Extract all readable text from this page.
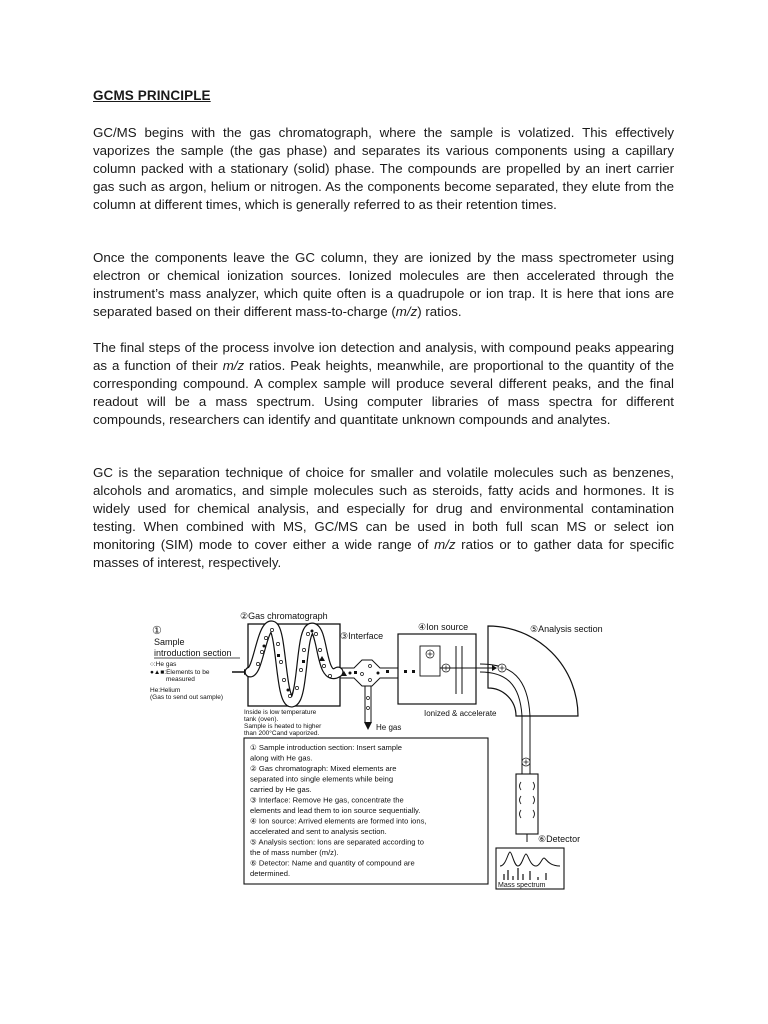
GCMS PRINCIPLE

GC/MS begins with the gas chromatograph, where the sample is volatized. This effectively vaporizes the sample (the gas phase) and separates its various components using a capillary column packed with a stationary (solid) phase. The compounds are propelled by an inert carrier gas such as argon, helium or nitrogen. As the components become separated, they elute from the column at different times, which is generally referred to as their retention times.

Once the components leave the GC column, they are ionized by the mass spectrometer using electron or chemical ionization sources. Ionized molecules are then accelerated through the instrument’s mass analyzer, which quite often is a quadrupole or ion trap. It is here that ions are separated based on their different mass-to-charge (m/z) ratios.

The final steps of the process involve ion detection and analysis, with compound peaks appearing as a function of their m/z ratios. Peak heights, meanwhile, are proportional to the quantity of the corresponding compound. A complex sample will produce several different peaks, and the final readout will be a mass spectrum. Using computer libraries of mass spectra for different compounds, researchers can identify and quantitate unknown compounds and analytes.

GC is the separation technique of choice for smaller and volatile molecules such as benzenes, alcohols and aromatics, and simple molecules such as steroids, fatty acids and hormones. It is widely used for chemical analysis, and especially for drug and environmental contamination testing. When combined with MS, GC/MS can be used in both full scan MS or select ion monitoring (SIM) mode to cover either a wide range of m/z ratios or to gather data for specific masses of interest, respectively.

①
Sample
introduction section
○:He gas
●▲■:Elements to be
measured
He:Helium
(Gas to send out sample)
②Gas chromatograph
Inside is low temperature
tank (oven).
Sample is heated to higher
than 200°Cand vaporized.
③Interface
He gas
④Ion source
Ionized & accelerate
⑤Analysis section
⑥Detector
Mass spectrum
① Sample introduction section: Insert sample
along with He gas.
② Gas chromatograph: Mixed elements are
separated into single elements while being
carried by He gas.
③ Interface: Remove He gas, concentrate the
elements and lead them to ion source sequentially.
④ Ion source: Arrived elements are formed into ions,
accelerated and sent to analysis section.
⑤ Analysis section: Ions are separated according to
the of mass number (m/z).
⑥ Detector: Name and quantity of compound are
determined.
